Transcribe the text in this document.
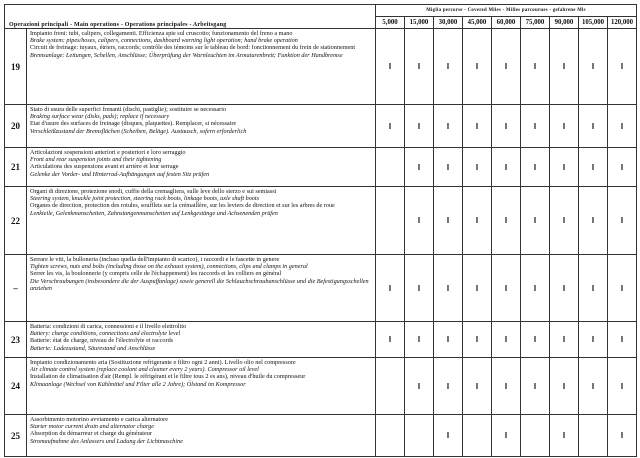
Operazioni principali - Main operations - Operations principales - Arbeitsgang		Miglia percorse - Covered Miles - Milles parcourues - gefahrene Mls								
		5,000	15,000	30,000	45,000	60,000	75,000	90,000	105,000	120,000
19	Impianto freni: tubi, calipers, collegamenti. Efficienza spie sul cruscotto; funzionamento del freno a mano
Brake system: pipes/hoses, calipers, connections, dashboard warning light operation; hand brake operation
Circuit de freinage: tuyaux, étriers, raccords; contrôle des témoins sur le tableau de bord: fonctionnement du frein de stationnement
Bremsanlage: Leitungen, Schellen, Anschlüsse; Überprüfung der Warnleuchten im Armaturenbrett; Funktion der Handbremse	I	I	I	I	I	I	I	I	I
20	Stato di usura delle superfici frenanti (dischi, pastiglie); sostituire se necessario
Braking surface wear (disks, pads); replace if necessary
Etat d'usure des surfaces de freinage (disques, plaquettes). Remplacer, si nécessaire
Verschleißzustand der Bremsflächen (Scheiben, Beläge). Austausch, sofern erforderlich	I	I	I	I	I	I	I	I	I
21	Articolazioni sospensioni anteriori e posteriori e loro serraggio
Front and rear suspension joints and their tightening
Articulations des suspensions avant et arrière et leur serrage
Gelenke der Vorder- und Hinterrad-Aufhängungen auf festen Sitz prüfen		I	I	I	I	I	I	I	I
22	Organi di direzione, protezione snodi, cuffie della cremagliera, sulle leve dello sterzo e sui semiassi
Steering system, knuckle joint protection, steering rack boots, linkage boots, axle shaft boots
Organes de direction, protection des rotules, soufflets sur la crémaillère, sur les leviers de direction et sur les arbres de roue
Lenkteile, Gelenkmanschetten, Zahnstangenmanschetten auf Lenkgestänge und Achsenenden prüfen		I	I	I	I	I	I	I	I
–	Serrare le viti, la bulloneria (incluso quella dell'impianto di scarico), i raccordi e le fascette in genere
Tighten screws, nuts and bolts (including those on the exhaust system), connections, clips and clamps in general
Serrer les vis, la boulonnerie (y compris celle de l'échappement) les raccords et les colliers en général
Die Verschraubungen (insbesondere die der Auspuffanlage) sowie generell die Schlauchschraubanschlüsse und die Befestigungsschellen anziehen	I	I	I	I	I	I	I	I	I
23	Batteria: condizioni di carica, connessioni e il livello elettrolito
Battery: charge conditions, connections and electrolyte level
Batterie: état de charge, niveau de l'électrolyte et raccords
Batterie: Ladezustand, Säurestand und Anschlüsse	I	I	I	I	I	I	I	I	I
24	Impianto condizionamento aria (Sostituzione refrigerante e filtro ogni 2 anni). Livello olio nel compressore
Air climate control system (replace coolant and cleaner every 2 years). Compressor oil level
Installation de climatisation d'air (Rempl. le réfrigérant et le filtre tous 2 es ans), niveau d'huile du compresseur
Klimaanlage (Wechsel von Kühlmittel und Filter alle 2 Jahre); Ölstand im Kompressor		I	I	I	I	I	I	I	I
25	Assorbimento motorino avviamento e carica alternatore
Starter motor current drain and alternator charge
Absorption du démarreur et charge du générateur
Stromaufnahme des Anlassers und Ladung der Lichtmaschine			I		I		I		I
